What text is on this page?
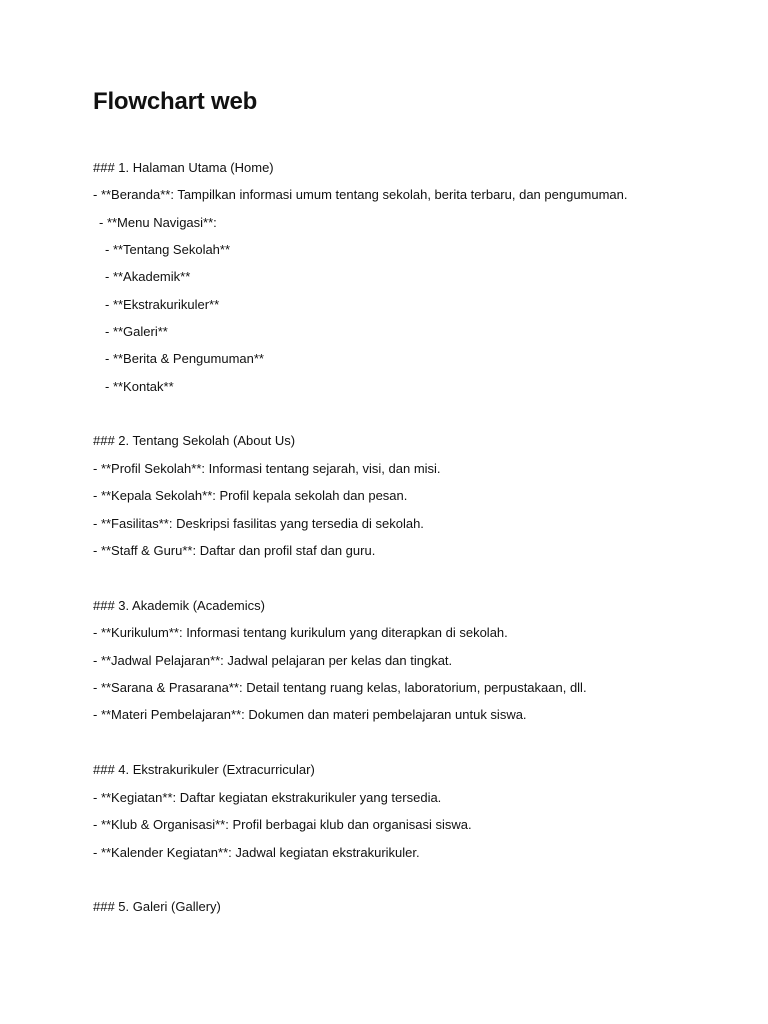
Flowchart web
### 1. Halaman Utama (Home)
- **Beranda**: Tampilkan informasi umum tentang sekolah, berita terbaru, dan pengumuman.
- **Menu Navigasi**:
- **Tentang Sekolah**
- **Akademik**
- **Ekstrakurikuler**
- **Galeri**
- **Berita & Pengumuman**
- **Kontak**
### 2. Tentang Sekolah (About Us)
- **Profil Sekolah**: Informasi tentang sejarah, visi, dan misi.
- **Kepala Sekolah**: Profil kepala sekolah dan pesan.
- **Fasilitas**: Deskripsi fasilitas yang tersedia di sekolah.
- **Staff & Guru**: Daftar dan profil staf dan guru.
### 3. Akademik (Academics)
- **Kurikulum**: Informasi tentang kurikulum yang diterapkan di sekolah.
- **Jadwal Pelajaran**: Jadwal pelajaran per kelas dan tingkat.
- **Sarana & Prasarana**: Detail tentang ruang kelas, laboratorium, perpustakaan, dll.
- **Materi Pembelajaran**: Dokumen dan materi pembelajaran untuk siswa.
### 4. Ekstrakurikuler (Extracurricular)
- **Kegiatan**: Daftar kegiatan ekstrakurikuler yang tersedia.
- **Klub & Organisasi**: Profil berbagai klub dan organisasi siswa.
- **Kalender Kegiatan**: Jadwal kegiatan ekstrakurikuler.
### 5. Galeri (Gallery)
